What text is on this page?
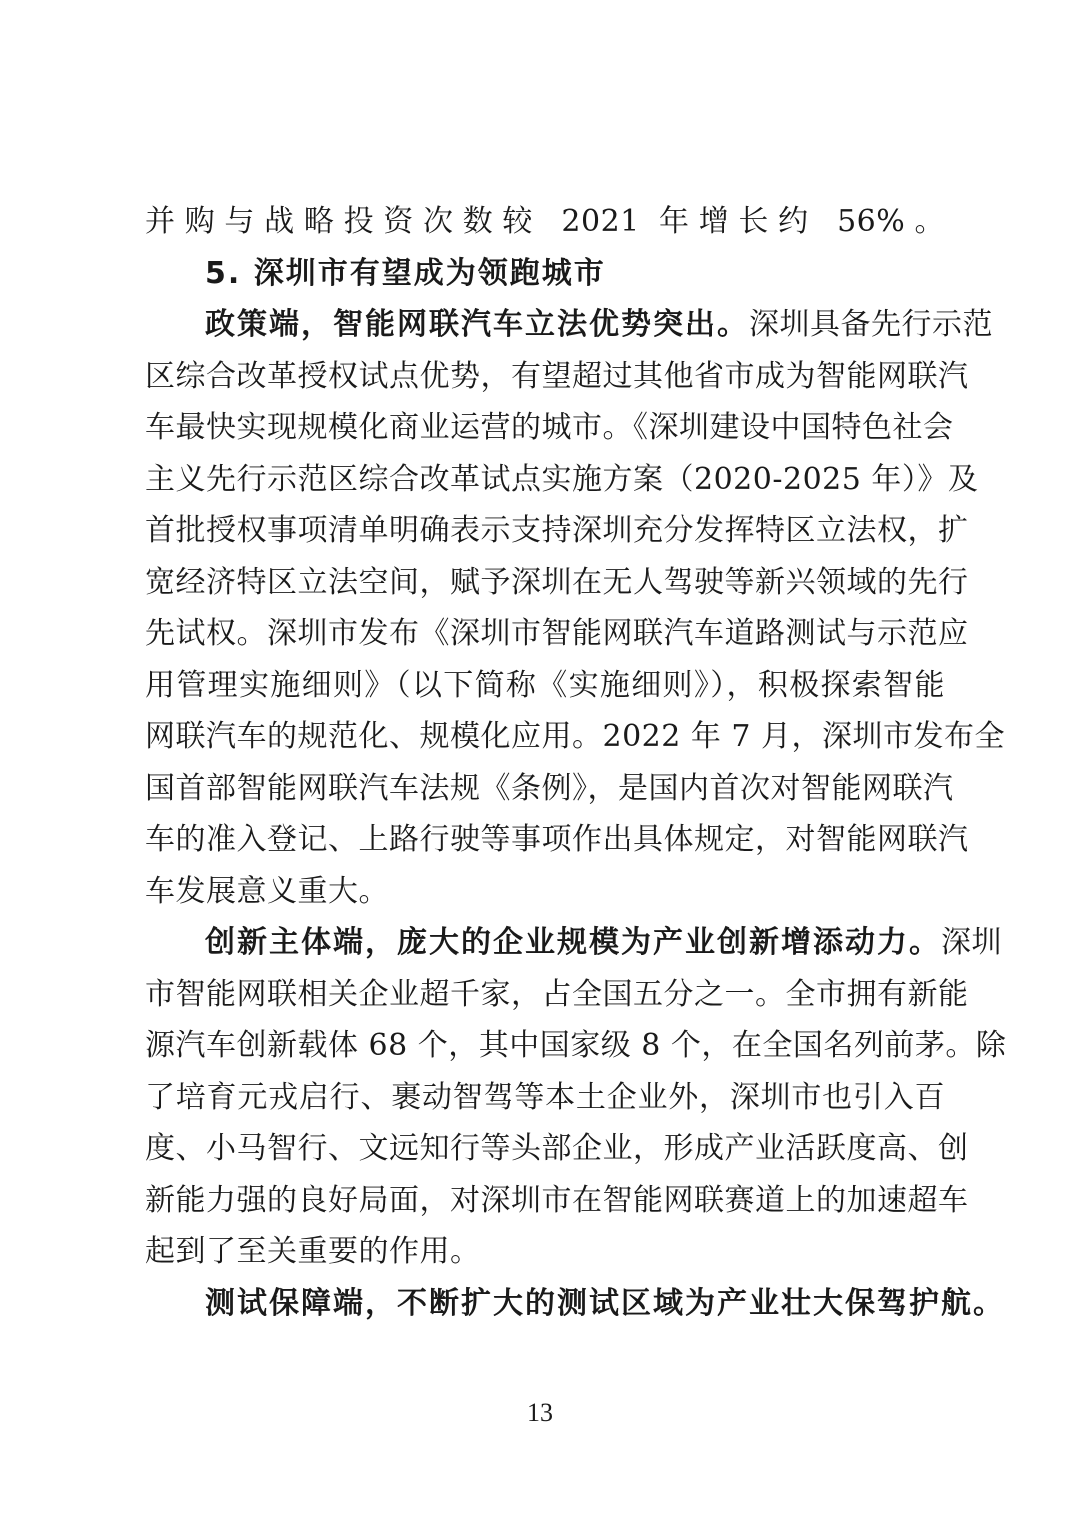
并购与战略投资次数较 2021 年增长约 56%。
5. 深圳市有望成为领跑城市
政策端，智能网联汽车立法优势突出。深圳具备先行示范
区综合改革授权试点优势，有望超过其他省市成为智能网联汽
车最快实现规模化商业运营的城市。《深圳建设中国特色社会
主义先行示范区综合改革试点实施方案（2020-2025 年）》及
首批授权事项清单明确表示支持深圳充分发挥特区立法权，扩
宽经济特区立法空间，赋予深圳在无人驾驶等新兴领域的先行
先试权。深圳市发布《深圳市智能网联汽车道路测试与示范应
用管理实施细则》（以下简称《实施细则》），积极探索智能
网联汽车的规范化、规模化应用。2022 年 7 月，深圳市发布全
国首部智能网联汽车法规《条例》，是国内首次对智能网联汽
车的准入登记、上路行驶等事项作出具体规定，对智能网联汽
车发展意义重大。
创新主体端，庞大的企业规模为产业创新增添动力。深圳
市智能网联相关企业超千家，占全国五分之一。全市拥有新能
源汽车创新载体 68 个，其中国家级 8 个，在全国名列前茅。除
了培育元戎启行、裹动智驾等本土企业外，深圳市也引入百
度、小马智行、文远知行等头部企业，形成产业活跃度高、创
新能力强的良好局面，对深圳市在智能网联赛道上的加速超车
起到了至关重要的作用。
测试保障端，不断扩大的测试区域为产业壮大保驾护航。
13
